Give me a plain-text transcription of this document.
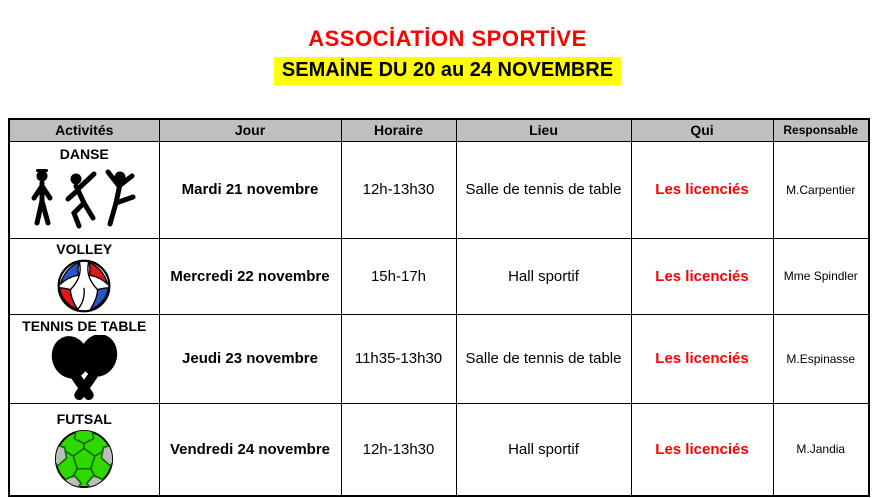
ASSOCİATİON SPORTİVE
SEMAİNE DU 20 au 24 NOVEMBRE
Activités	Jour	Horaire	Lieu	Qui	Responsable

DANSE	Mardi 21 novembre	12h-13h30	Salle de tennis de table	Les licenciés	M.Carpentier

VOLLEY	Mercredi 22 novembre	15h-17h	Hall sportif	Les licenciés	Mme Spindler

TENNIS DE TABLE	Jeudi 23 novembre	11h35-13h30	Salle de tennis de table	Les licenciés	M.Espinasse

FUTSAL	Vendredi 24 novembre	12h-13h30	Hall sportif	Les licenciés	M.Jandia
